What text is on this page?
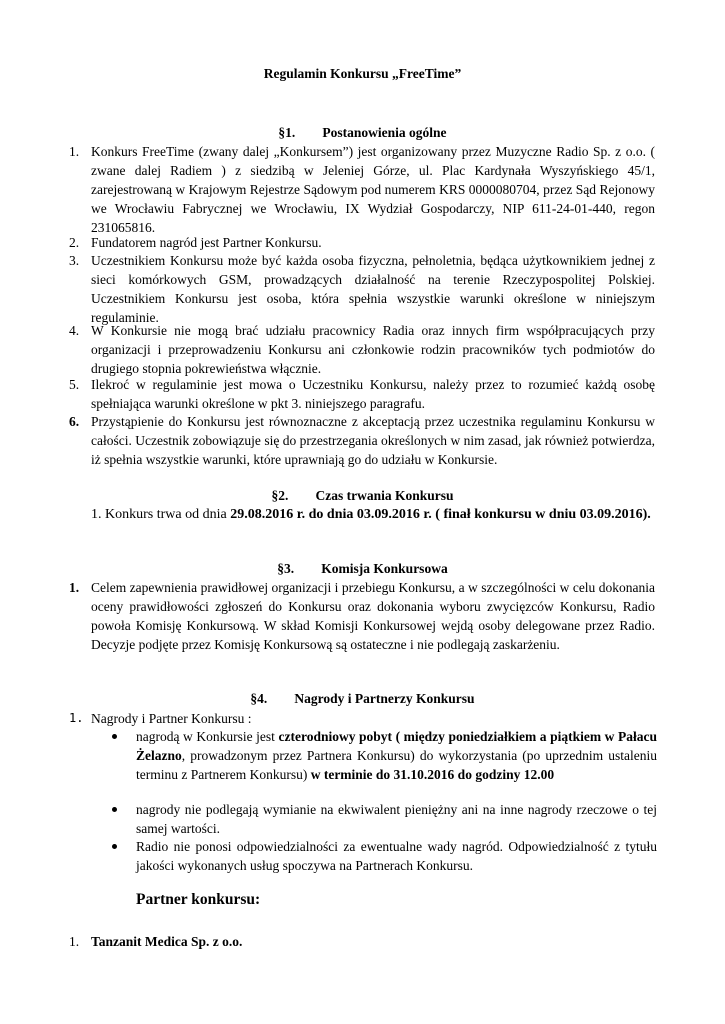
Regulamin Konkursu „FreeTime”
§1. Postanowienia ogólne
1. Konkurs FreeTime (zwany dalej „Konkursem”) jest organizowany przez Muzyczne Radio Sp. z o.o. ( zwane dalej Radiem ) z siedzibą w Jeleniej Górze, ul. Plac Kardynała Wyszyńskiego 45/1, zarejestrowaną w Krajowym Rejestrze Sądowym pod numerem KRS 0000080704, przez Sąd Rejonowy we Wrocławiu Fabrycznej we Wrocławiu, IX Wydział Gospodarczy, NIP 611-24-01-440, regon 231065816.
2. Fundatorem nagród jest Partner Konkursu.
3. Uczestnikiem Konkursu może być każda osoba fizyczna, pełnoletnia, będąca użytkownikiem jednej z sieci komórkowych GSM, prowadzących działalność na terenie Rzeczypospolitej Polskiej. Uczestnikiem Konkursu jest osoba, która spełnia wszystkie warunki określone w niniejszym regulaminie.
4. W Konkursie nie mogą brać udziału pracownicy Radia oraz innych firm współpracujących przy organizacji i przeprowadzeniu Konkursu ani członkowie rodzin pracowników tych podmiotów do drugiego stopnia pokrewieństwa włącznie.
5. Ilekroć w regulaminie jest mowa o Uczestniku Konkursu, należy przez to rozumieć każdą osobę spełniająca warunki określone w pkt 3. niniejszego paragrafu.
6. Przystąpienie do Konkursu jest równoznaczne z akceptacją przez uczestnika regulaminu Konkursu w całości. Uczestnik zobowiązuje się do przestrzegania określonych w nim zasad, jak również potwierdza, iż spełnia wszystkie warunki, które uprawniają go do udziału w Konkursie.
§2. Czas trwania Konkursu
1. Konkurs trwa od dnia 29.08.2016 r. do dnia 03.09.2016 r. ( finał konkursu w dniu 03.09.2016).
§3. Komisja Konkursowa
1. Celem zapewnienia prawidłowej organizacji i przebiegu Konkursu, a w szczególności w celu dokonania oceny prawidłowości zgłoszeń do Konkursu oraz dokonania wyboru zwycięzców Konkursu, Radio powoła Komisję Konkursową. W skład Komisji Konkursowej wejdą osoby delegowane przez Radio. Decyzje podjęte przez Komisję Konkursową są ostateczne i nie podlegają zaskarżeniu.
§4. Nagrody i Partnerzy Konkursu
1. Nagrody i Partner Konkursu :
nagrodą w Konkursie jest czterodniowy pobyt ( między poniedziałkiem a piątkiem w Pałacu Żelazno, prowadzonym przez Partnera Konkursu) do wykorzystania (po uprzednim ustaleniu terminu z Partnerem Konkursu) w terminie do 31.10.2016 do godziny 12.00
nagrody nie podlegają wymianie na ekwiwalent pieniężny ani na inne nagrody rzeczowe o tej samej wartości.
Radio nie ponosi odpowiedzialności za ewentualne wady nagród. Odpowiedzialność z tytułu jakości wykonanych usług spoczywa na Partnerach Konkursu.
Partner konkursu:
1. Tanzanit Medica Sp. z o.o.
